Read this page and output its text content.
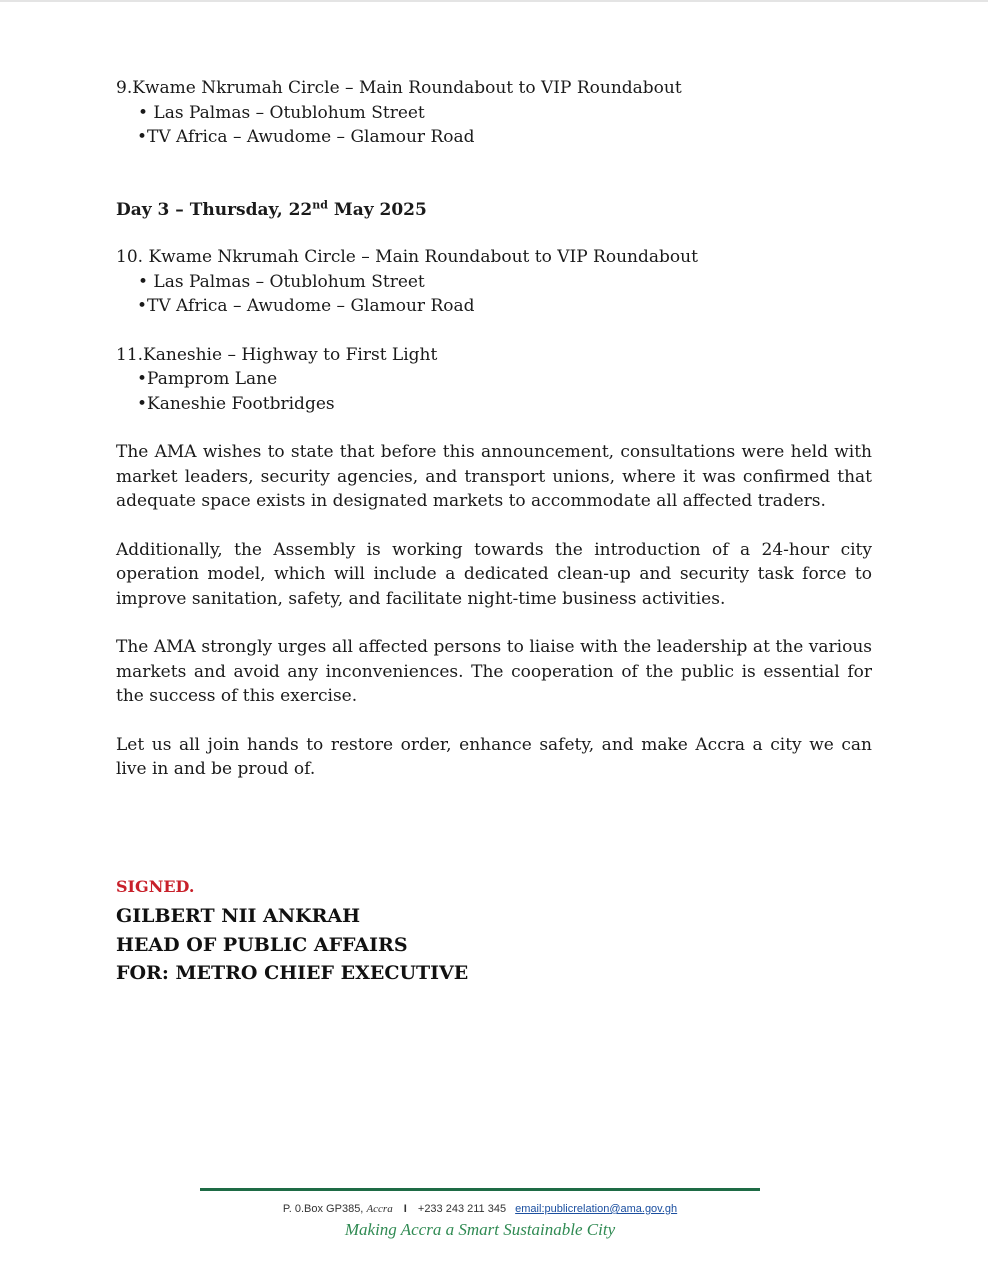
9.Kwame Nkrumah Circle – Main Roundabout to VIP Roundabout

• Las Palmas – Otublohum Street

•TV Africa – Awudome – Glamour Road

Day 3 – Thursday, 22nd May 2025

10. Kwame Nkrumah Circle – Main Roundabout to VIP Roundabout

• Las Palmas – Otublohum Street

•TV Africa – Awudome – Glamour Road

11.Kaneshie – Highway to First Light

•Pamprom Lane

•Kaneshie Footbridges

The AMA wishes to state that before this announcement, consultations were held with market leaders, security agencies, and transport unions, where it was confirmed that adequate space exists in designated markets to accommodate all affected traders.

Additionally, the Assembly is working towards the introduction of a 24-hour city operation model, which will include a dedicated clean-up and security task force to improve sanitation, safety, and facilitate night-time business activities.

The AMA strongly urges all affected persons to liaise with the leadership at the various markets and avoid any inconveniences. The cooperation of the public is essential for the success of this exercise.

Let us all join hands to restore order, enhance safety, and make Accra a city we can live in and be proud of.

SIGNED.

GILBERT NII ANKRAH

HEAD OF PUBLIC AFFAIRS

FOR: METRO CHIEF EXECUTIVE

P. 0.Box GP385, Accra I +233 243 211 345 email:publicrelation@ama.gov.gh
Making Accra a Smart Sustainable City
